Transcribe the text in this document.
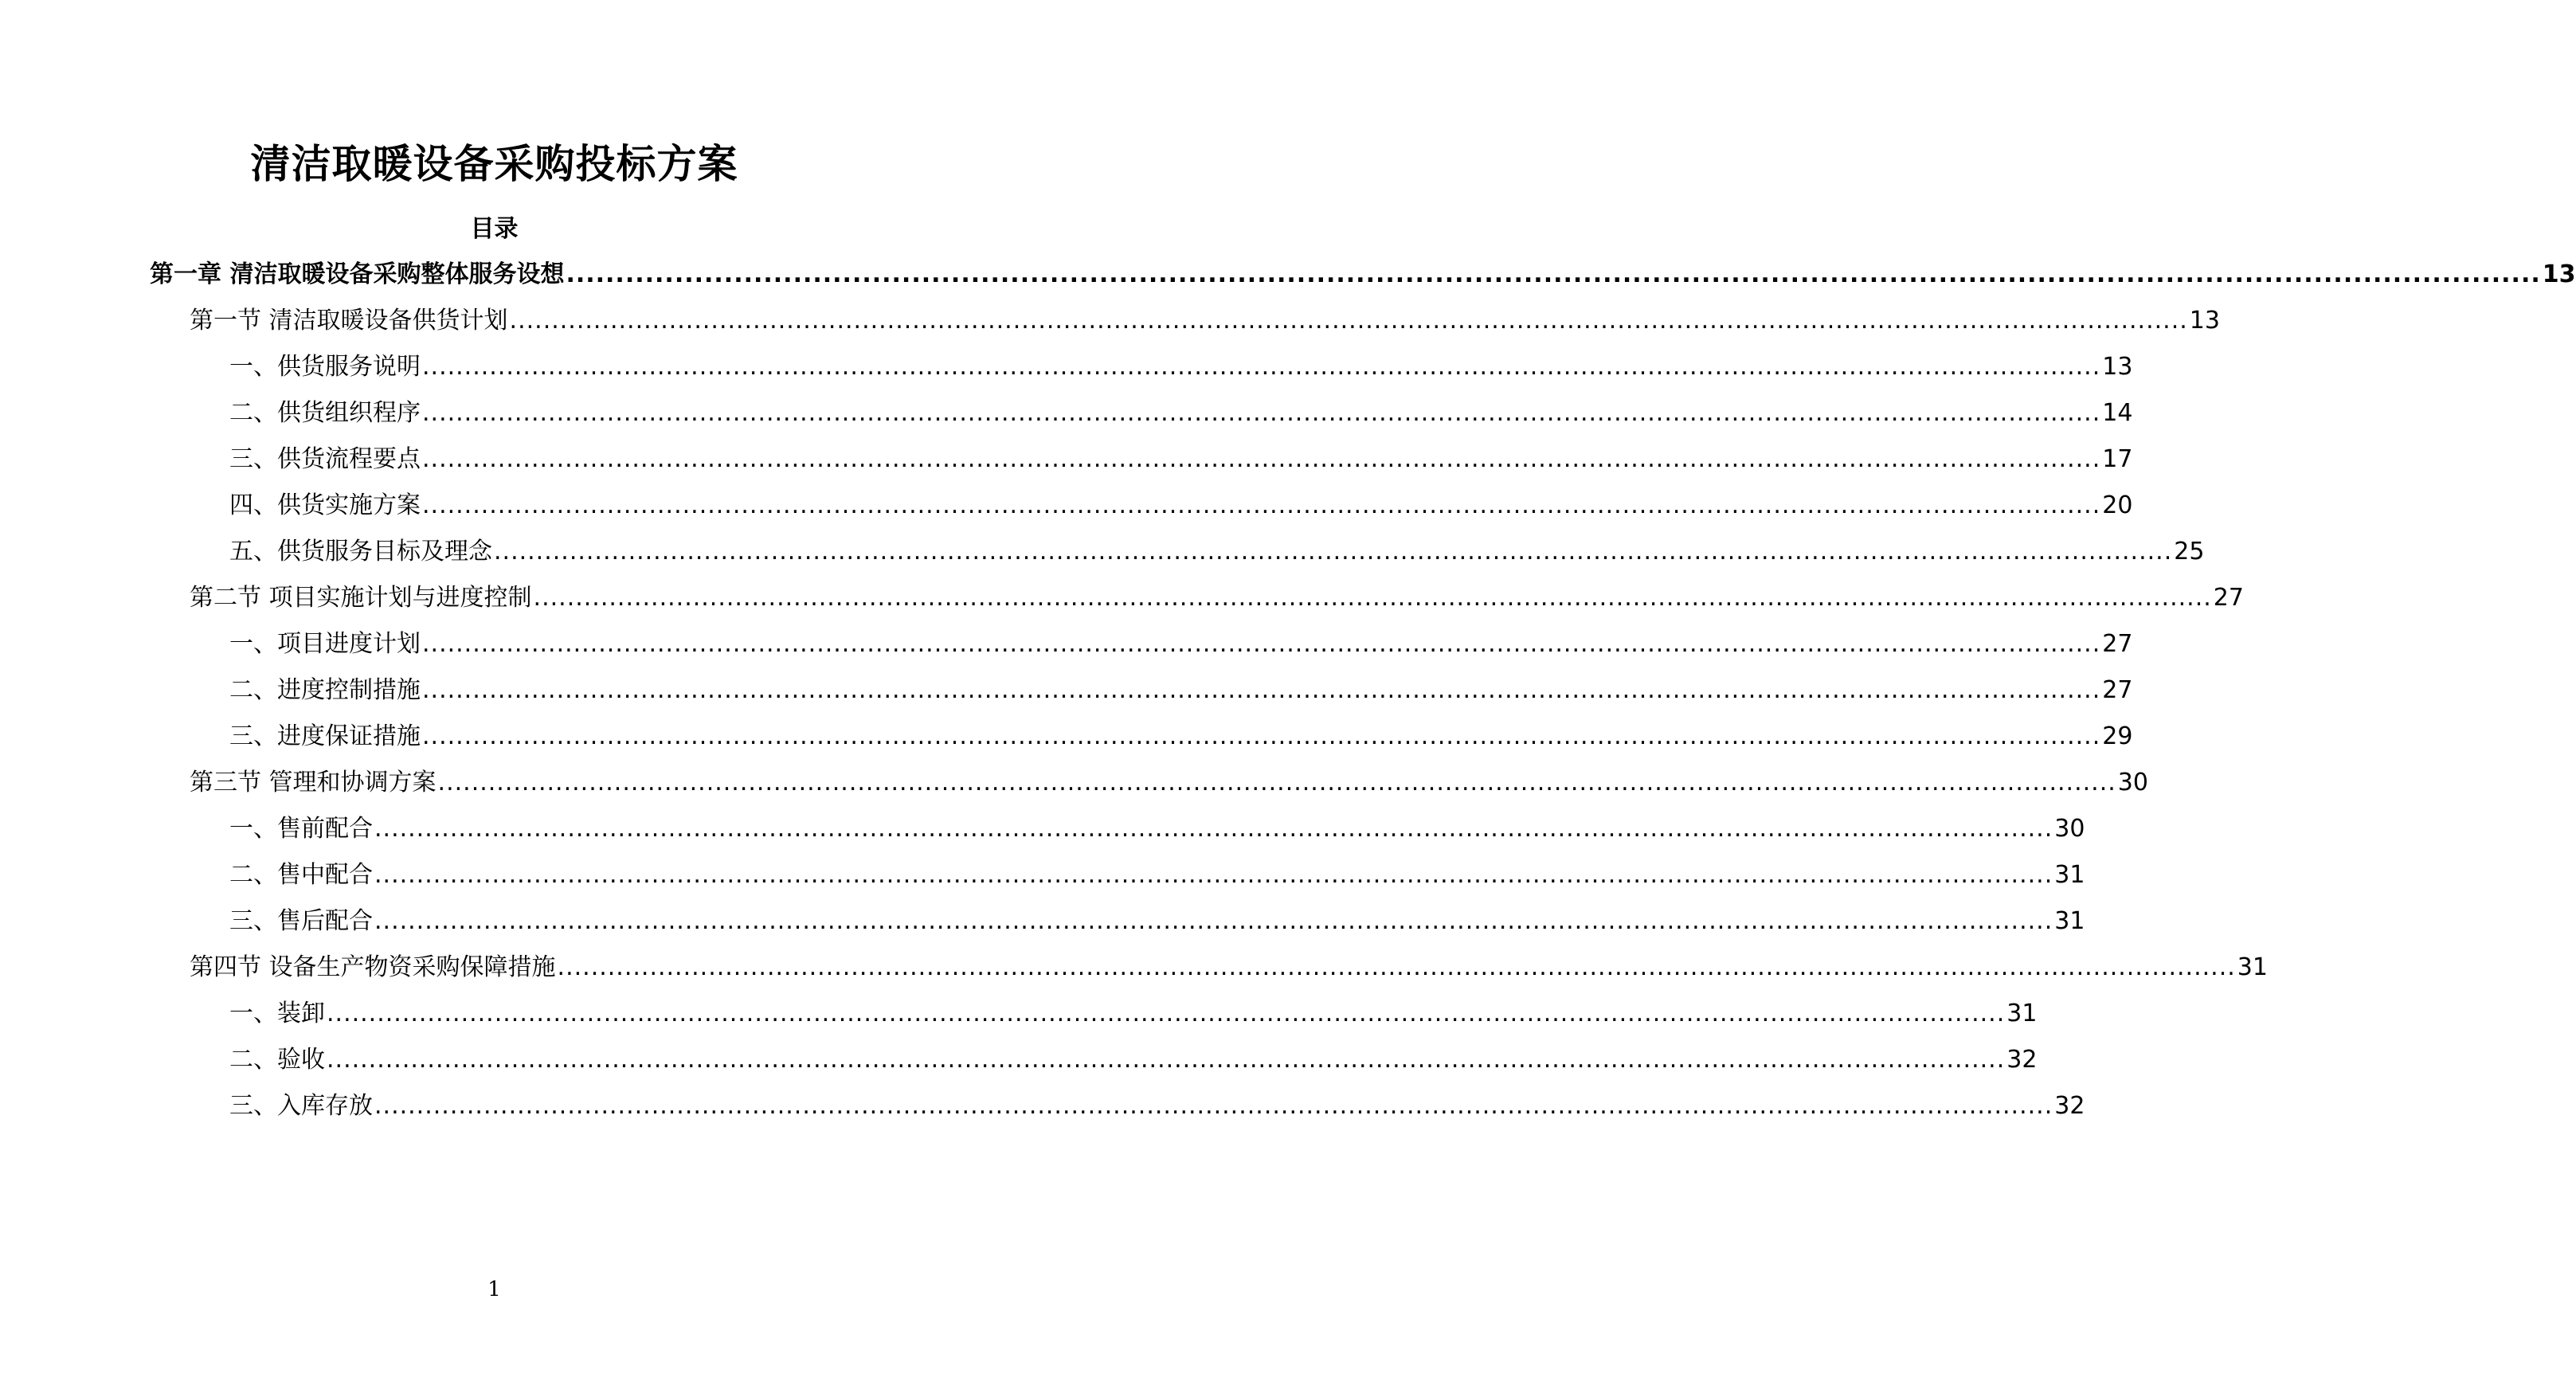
清洁取暖设备采购投标方案
目录
第一章 清洁取暖设备采购整体服务设想 ........................................................................................................................................................................................................ 13
第一节 清洁取暖设备供货计划 ........................................................................................................................................................................................................ 13
一、供货服务说明 ........................................................................................................................................................................................................ 13
二、供货组织程序 ........................................................................................................................................................................................................ 14
三、供货流程要点 ........................................................................................................................................................................................................ 17
四、供货实施方案 ........................................................................................................................................................................................................ 20
五、供货服务目标及理念 ........................................................................................................................................................................................................ 25
第二节 项目实施计划与进度控制 ........................................................................................................................................................................................................ 27
一、项目进度计划 ........................................................................................................................................................................................................ 27
二、进度控制措施 ........................................................................................................................................................................................................ 27
三、进度保证措施 ........................................................................................................................................................................................................ 29
第三节 管理和协调方案 ........................................................................................................................................................................................................ 30
一、售前配合 ........................................................................................................................................................................................................ 30
二、售中配合 ........................................................................................................................................................................................................ 31
三、售后配合 ........................................................................................................................................................................................................ 31
第四节 设备生产物资采购保障措施 ........................................................................................................................................................................................................ 31
一、装卸 ........................................................................................................................................................................................................ 31
二、验收 ........................................................................................................................................................................................................ 32
三、入库存放 ........................................................................................................................................................................................................ 32
1
